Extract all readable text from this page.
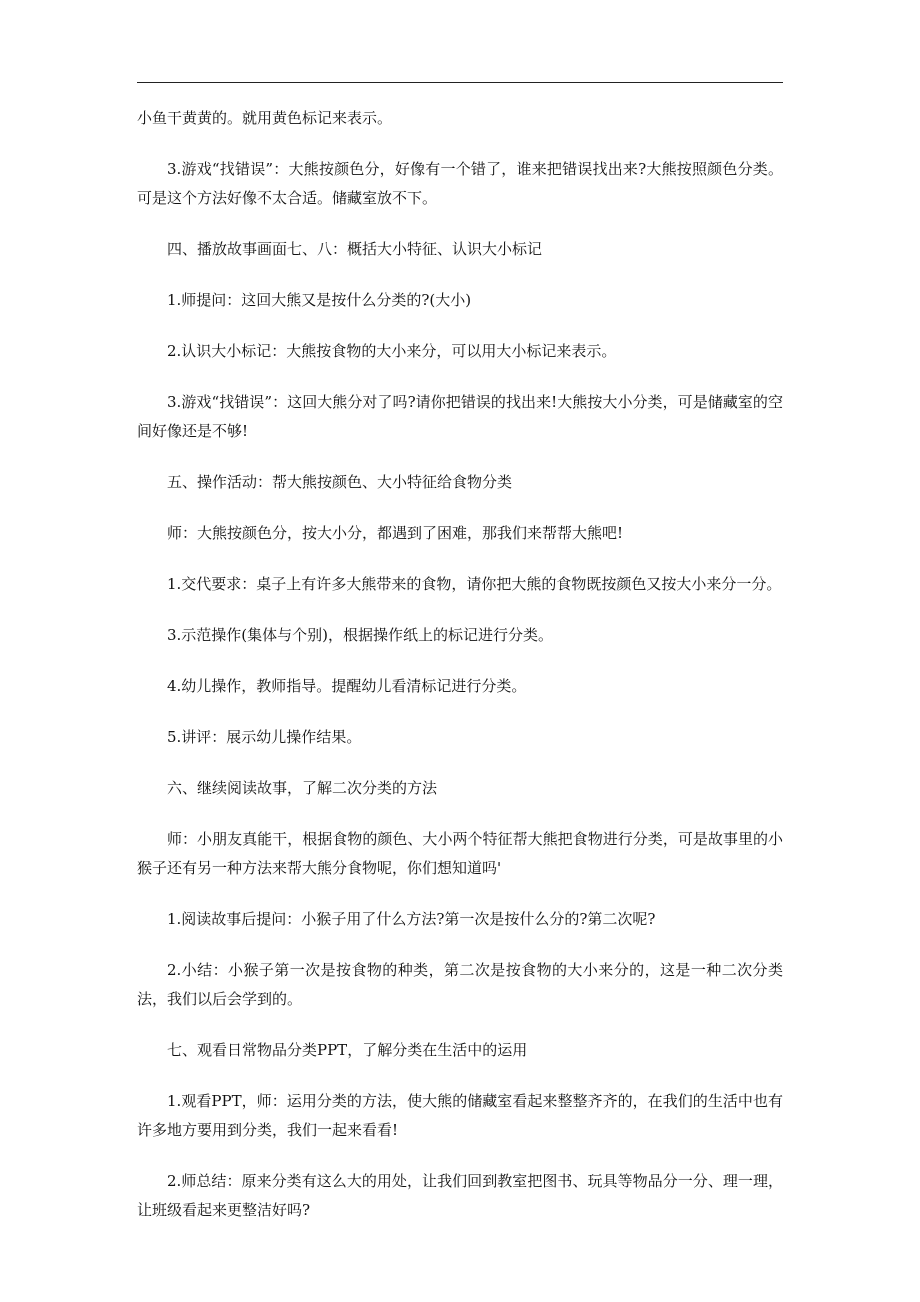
小鱼干黄黄的。就用黄色标记来表示。

3.游戏“找错误”：大熊按颜色分，好像有一个错了，谁来把错误找出来?大熊按照颜色分类。可是这个方法好像不太合适。储藏室放不下。

四、播放故事画面七、八：概括大小特征、认识大小标记

1.师提问：这回大熊又是按什么分类的?(大小)

2.认识大小标记：大熊按食物的大小来分，可以用大小标记来表示。

3.游戏“找错误”：这回大熊分对了吗?请你把错误的找出来!大熊按大小分类，可是储藏室的空间好像还是不够!

五、操作活动：帮大熊按颜色、大小特征给食物分类

师：大熊按颜色分，按大小分，都遇到了困难，那我们来帮帮大熊吧!

1.交代要求：桌子上有许多大熊带来的食物，请你把大熊的食物既按颜色又按大小来分一分。

3.示范操作(集体与个别)，根据操作纸上的标记进行分类。

4.幼儿操作，教师指导。提醒幼儿看清标记进行分类。

5.讲评：展示幼儿操作结果。

六、继续阅读故事，了解二次分类的方法

师：小朋友真能干，根据食物的颜色、大小两个特征帮大熊把食物进行分类，可是故事里的小猴子还有另一种方法来帮大熊分食物呢，你们想知道吗'

1.阅读故事后提问：小猴子用了什么方法?第一次是按什么分的?第二次呢?

2.小结：小猴子第一次是按食物的种类，第二次是按食物的大小来分的，这是一种二次分类法，我们以后会学到的。

七、观看日常物品分类PPT，了解分类在生活中的运用

1.观看PPT，师：运用分类的方法，使大熊的储藏室看起来整整齐齐的，在我们的生活中也有许多地方要用到分类，我们一起来看看!

2.师总结：原来分类有这么大的用处，让我们回到教室把图书、玩具等物品分一分、理一理，让班级看起来更整洁好吗?
